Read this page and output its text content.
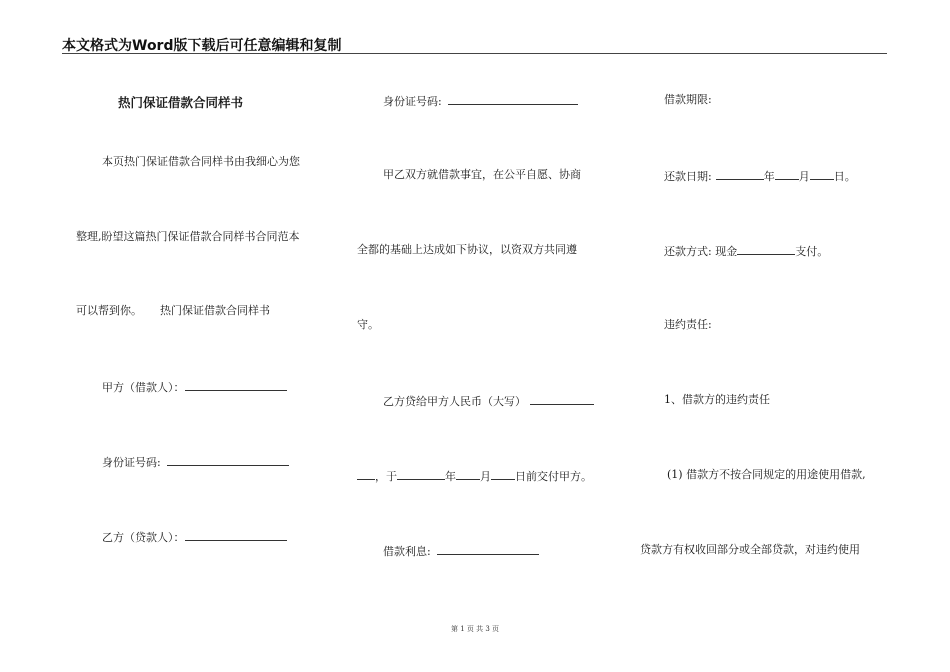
本文格式为Word版下载后可任意编辑和复制
热门保证借款合同样书
本页热门保证借款合同样书由我细心为您
整理,盼望这篇热门保证借款合同样书合同范本
可以帮到你。 热门保证借款合同样书
甲方（借款人）：
身份证号码:
乙方（贷款人）：
身份证号码:
甲乙双方就借款事宜，在公平自愿、协商
全都的基础上达成如下协议，以资双方共同遵
守。
乙方贷给甲方人民币（大写）
，于	年 月 日前交付甲方。
借款利息:
借款期限:
还款日期:	年 月 日。
还款方式: 现金	支付。
违约责任:
1、借款方的违约责任
(1) 借款方不按合同规定的用途使用借款,
贷款方有权收回部分或全部贷款，对违约使用
第 1 页 共 3 页
